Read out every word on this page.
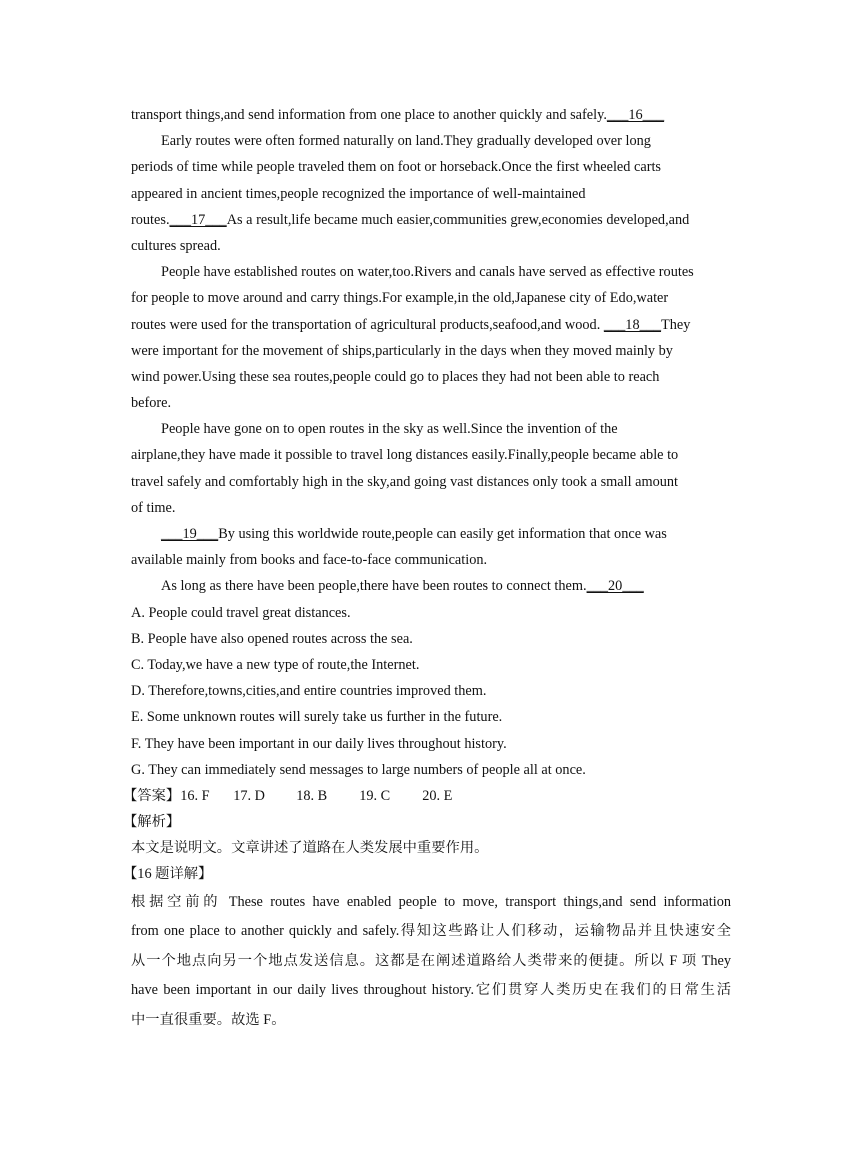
transport things,and send information from one place to another quickly and safely.___16___
Early routes were often formed naturally on land.They gradually developed over long
periods of time while people traveled them on foot or horseback.Once the first wheeled carts
appeared in ancient times,people recognized the importance of well-maintained
routes.___17___As a result,life became much easier,communities grew,economies developed,and
cultures spread.
People have established routes on water,too.Rivers and canals have served as effective routes
for people to move around and carry things.For example,in the old,Japanese city of Edo,water
routes were used for the transportation of agricultural products,seafood,and wood. ___18___They
were important for the movement of ships,particularly in the days when they moved mainly by
wind power.Using these sea routes,people could go to places they had not been able to reach
before.
People have gone on to open routes in the sky as well.Since the invention of the
airplane,they have made it possible to travel long distances easily.Finally,people became able to
travel safely and comfortably high in the sky,and going vast distances only took a small amount
of time.
___19___By using this worldwide route,people can easily get information that once was
available mainly from books and face-to-face communication.
As long as there have been people,there have been routes to connect them.___20___
A. People could travel great distances.
B. People have also opened routes across the sea.
C. Today,we have a new type of route,the Internet.
D. Therefore,towns,cities,and entire countries improved them.
E. Some unknown routes will surely take us further in the future.
F. They have been important in our daily lives throughout history.
G. They can immediately send messages to large numbers of people all at once.
【答案】16. F 17. D 18. B 19. C 20. E
【解析】
本文是说明文。文章讲述了道路在人类发展中重要作用。
【16 题详解】
根据空前的 These routes have enabled people to move, transport things,and send information
from one place to another quickly and safely.得知这些路让人们移动，运输物品并且快速安全
从一个地点向另一个地点发送信息。这都是在阐述道路给人类带来的便捷。所以 F 项 They
have been important in our daily lives throughout history.它们贯穿人类历史在我们的日常生活
中一直很重要。故选 F。
